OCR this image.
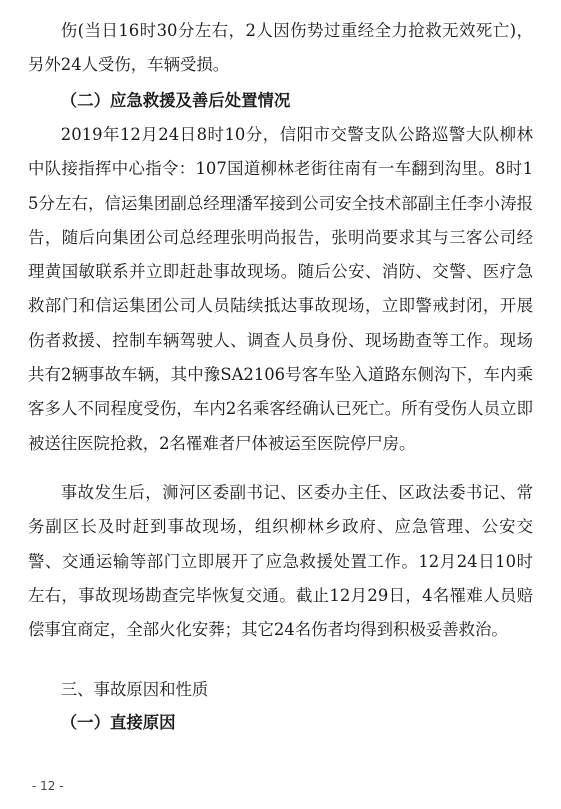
伤(当日16时30分左右，2人因伤势过重经全力抢救无效死亡)，另外24人受伤，车辆受损。

（二）应急救援及善后处置情况

2019年12月24日8时10分，信阳市交警支队公路巡警大队柳林中队接指挥中心指令：107国道柳林老街往南有一车翻到沟里。8时15分左右，信运集团副总经理潘军接到公司安全技术部副主任李小涛报告，随后向集团公司总经理张明尚报告，张明尚要求其与三客公司经理黄国敏联系并立即赶赴事故现场。随后公安、消防、交警、医疗急救部门和信运集团公司人员陆续抵达事故现场，立即警戒封闭，开展伤者救援、控制车辆驾驶人、调查人员身份、现场勘查等工作。现场共有2辆事故车辆，其中豫SA2106号客车坠入道路东侧沟下，车内乘客多人不同程度受伤，车内2名乘客经确认已死亡。所有受伤人员立即被送往医院抢救，2名罹难者尸体被运至医院停尸房。

事故发生后，浉河区委副书记、区委办主任、区政法委书记、常务副区长及时赶到事故现场，组织柳林乡政府、应急管理、公安交警、交通运输等部门立即展开了应急救援处置工作。12月24日10时左右，事故现场勘查完毕恢复交通。截止12月29日，4名罹难人员赔偿事宜商定，全部火化安葬；其它24名伤者均得到积极妥善救治。

三、事故原因和性质

（一）直接原因

- 12 -
